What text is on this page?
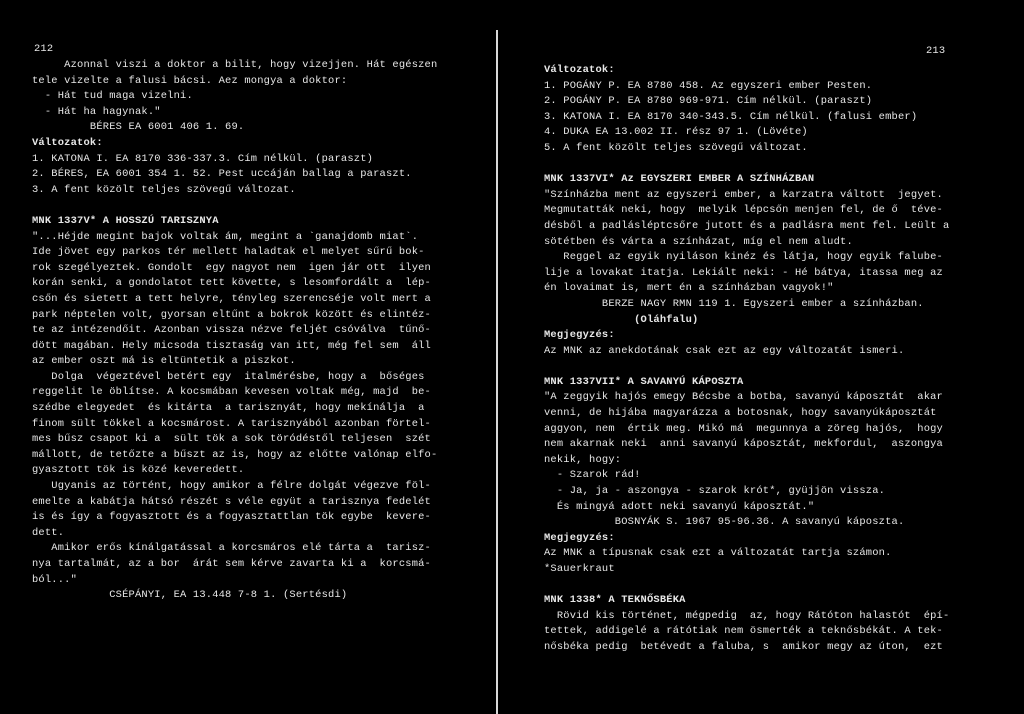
212

Azonnal viszi a doktor a bilit, hogy vizejjen. Hát egészen
tele vizelte a falusi bácsi. Aez mongya a doktor:
- Hát tud maga vizelni.
- Hát ha hagynak."
BÉRES EA 6001 406 1. 69.
Változatok:
1. KATONA I. EA 8170 336-337.3. Cím nélkül. (paraszt)
2. BÉRES, EA 6001 354 1. 52. Pest uccáján ballag a paraszt.
3. A fent közölt teljes szövegű változat.
MNK 1337V* A HOSSZÚ TARISZNYA
"...Héjde megint bajok voltak ám, megint a `ganajdomb miat`.
Ide jövet egy parkos tér mellett haladtak el melyet sűrű bok-
rok szegélyeztek. Gondolt  egy nagyot nem  igen jár ott  ilyen
korán senki, a gondolatot tett követte, s lesomfordált a  lép-
csőn és sietett a tett helyre, tényleg szerencséje volt mert a
park néptelen volt, gyorsan eltűnt a bokrok között és elintéz-
te az intézendőit. Azonban vissza nézve feljét csóválva  tűnő-
dött magában. Hely micsoda tisztaság van itt, még fel sem  áll
az ember oszt má is eltüntetik a piszkot.
Dolga  végeztével betért egy  italmérésbe, hogy a  bőséges
reggelit le öblítse. A kocsmában kevesen voltak még, majd  be-
szédbe elegyedet  és kitárta  a tarisznyát, hogy mekínálja  a
finom sült tökkel a kocsmárost. A tarisznyából azonban förtel-
mes bűsz csapot ki a  sült tök a sok töródéstől teljesen  szét
mállott, de tetőzte a bűszt az is, hogy az előtte valónap elfo-
gyasztott tök is közé keveredett.
Ugyanis az történt, hogy amikor a félre dolgát végezve föl-
emelte a kabátja hátsó részét s véle együt a tarisznya fedelét
is és így a fogyasztott és a fogyasztattlan tök egybe  kevere-
dett.
Amikor erős kínálgatással a korcsmáros elé tárta a  tarisz-
nya tartalmát, az a bor  árát sem kérve zavarta ki a  korcsmá-
ból..."
CSÉPÁNYI, EA 13.448 7-8 1. (Sertésdi)

213

Változatok:
1. POGÁNY P. EA 8780 458. Az egyszeri ember Pesten.
2. POGÁNY P. EA 8780 969-971. Cím nélkül. (paraszt)
3. KATONA I. EA 8170 340-343.5. Cím nélkül. (falusi ember)
4. DUKA EA 13.002 II. rész 97 1. (Lövéte)
5. A fent közölt teljes szövegű változat.
MNK 1337VI* Az EGYSZERI EMBER A SZÍNHÁZBAN
"Színházba ment az egyszeri ember, a karzatra váltott  jegyet.
Megmutatták neki, hogy  melyik lépcsőn menjen fel, de ő  téve-
désből a padlásléptcsőre jutott és a padlásra ment fel. Leült a
sötétben és várta a színházat, míg el nem aludt.
Reggel az egyik nyiláson kinéz és látja, hogy egyik falube-
lije a lovakat itatja. Lekiált neki: - Hé bátya, itassa meg az
én lovaimat is, mert én a színházban vagyok!"
BERZE NAGY RMN 119 1. Egyszeri ember a színházban.
(Oláhfalu)
Megjegyzés:
Az MNK az anekdotának csak ezt az egy változatát ismeri.
MNK 1337VII* A SAVANYÚ KÁPOSZTA
"A zeggyik hajós emegy Bécsbe a botba, savanyú káposztát  akar
venni, de hijába magyarázza a botosnak, hogy savanyúkáposztát
aggyon, nem  értik meg. Mikó má  megunnya a zöreg hajós,  hogy
nem akarnak neki  anni savanyú káposztát, mekfordul,  aszongya
nekik, hogy:
- Szarok rád!
- Ja, ja - aszongya - szarok krót*, gyüjjön vissza.
És mingyá adott neki savanyú káposztát."
BOSNYÁK S. 1967 95-96.36. A savanyú káposzta.
Megjegyzés:
Az MNK a típusnak csak ezt a változatát tartja számon.
*Sauerkraut
MNK 1338* A TEKNŐSBÉKA
Rövid kis történet, mégpedig  az, hogy Rátóton halastót  épí-
tettek, addigelé a rátótiak nem ösmerték a teknősbékát. A tek-
nősbéka pedig  betévedt a faluba, s  amikor megy az úton,  ezt
